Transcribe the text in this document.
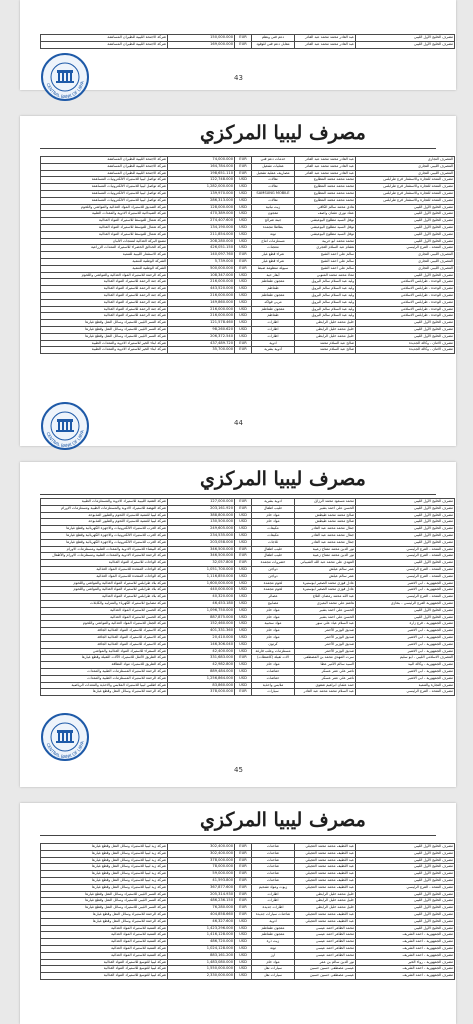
شركة الاجنحة الليبية للطيران المساهمة	150,000.000	EUR	دعم فني ونظم	عبد القادر محمد محمد عبد القادر	مصرف الخليج الأول الليبي
شركة الاجنحة الليبية للطيران المساهمة	169,000.000	EUR	مقابل دعم فني للوقود	عبد القادر محمد محمد عبد القادر	مصرف الخليج الأول الليبي
CENTRAL BANK OF LIBYA
43
مصرف ليبيا المركزي
شركة الاجنحة الليبية للطيران المساهمة	74,000.000	EUR	خدمات دعم فني	عبد القادر محمد محمد عبد القادر	المصرف التجاري
شركة الاجنحة الليبية للطيران المساهمة	164,784.000	EUR	عمليات تشغيل	عبد القادر محمد محمد عبد القادر	المصرف الليبي التجاري
شركة الاجنحة الليبية للطيران المساهمة	198,651.110	EUR	مصاريف عملية تشغيل	عبد القادر محمد محمد عبد القادر	المصرف الليبي التجاري
شركة تواصل ليبيا للاستيراد الالكترونيات المساهمة	122,748.000	USD	نقالات	محمد محمد محمد المطاوع	مصرف المتحد للتجارة والاستثمار فرع طرابلس
شركة تواصل ليبيا للاستيراد الالكترونيات المساهمة	1,282,000.000	USD	نقالات	محمد محمد محمد المطاوع	مصرف المتحد للتجارة والاستثمار فرع طرابلس
شركة تواصل ليبيا للاستيراد الالكترونيات المساهمة	139,970.000	USD	SAMSUNG MOBILE	محمد محمد محمد المطاوع	مصرف المتحد للتجارة والاستثمار فرع طرابلس
شركة تواصل ليبيا للاستيراد الالكترونيات المساهمة	286,313.000	USD	نقالات	محمد محمد محمد المطاوع	مصرف المتحد للتجارة والاستثمار فرع طرابلس
شركة الصديق للاستيراد المواد الغذائية والمواشي واللحوم	128,000.000	USD	زيت نباتية	هادي محمد سالم الكافي	مصرف الخليج الأول الليبي
شركة الصيدلانية للاستيراد الادوية والمعدات الطبية	470,389.000	USD	معجون	عماد نوري عثمان واصف	مصرف الخليج الأول الليبي
شركة شمال للتوسط للاستيراد المواد الغذائية	274,407.600	USD	جبنة شرائح	نوفل السيد مطلوع البوعيشي	مصرف الخليج الأول الليبي
شركة شمال للتوسط للاستيراد المواد الغذائية	134,190.000	USD	بطاطا مجمدة	نوفل السيد مطلوع البوعيشي	مصرف الخليج الأول الليبي
شركة شمال للتوسط للاستيراد المواد الغذائية	211,854.000	USD	تونة	نوفل السيد مطلوع البوعيشي	مصرف الخليج الأول الليبي
مصنع البركة الغذائية لمنتجات الالبان	208,280.000	USD	مستلزمات انتاج	محمد محمد ابو حريبة	مصرف الخليج الأول الليبي
شركة الخدائق الخضراء للاستيراد المعدات الزراعية	426,051.150	USD	معجنات	هشام عبد السلام العجري	مصرف المتحد - الفرع الرئيسي
شركة الاستثمار الليبية للتنمية	140,097.760	EUR	شراء قطع غيار	سالم علي احمد الشيخ	المصرف الليبي التجاري
الشركة الوطنية للتنمية	5,739.000	EUR	شراء قطع غيار	سالم علي احمد الشيخ	المصرف الليبي التجاري
الشركة الوطنية للتنمية	500,000.000	EUR	سيولة منظومة ضبط	سالم علي احمد الشيخ	المصرف الليبي التجاري
شركة الرحمة للاستيراد المواد الغذائية والمواشي واللحوم	108,347.000	USD	أبقار حية	معاذ محمد محمد المنوبي	مصرف الخليج الأول الليبي
شركة جنة الرحمة للاستيراد المواد الغذائية	216,000.000	USD	معجون طماطم	وليد عبد السلام سالم البروق	مصرف الوحدة - طرابلس الاسلامي
شركة جنة الرحمة للاستيراد المواد الغذائية	443,520.000	USD	طماطم	وليد عبد السلام سالم البروق	مصرف الوحدة - طرابلس الاسلامي
شركة جنة الرحمة للاستيراد المواد الغذائية	216,000.000	USD	معجون طماطم	وليد عبد السلام سالم البروق	مصرف الوحدة - طرابلس الاسلامي
شركة جنة الرحمة للاستيراد المواد الغذائية	149,860.000	USD	مربى فواكه	وليد عبد السلام سالم البروق	مصرف الوحدة - طرابلس الاسلامي
شركة جنة الرحمة للاستيراد المواد الغذائية	216,000.000	USD	معجون طماطم	وليد عبد السلام سالم البروق	مصرف الوحدة - طرابلس الاسلامي
شركة جنة الرحمة للاستيراد المواد الغذائية	216,000.000	USD	طماطم	وليد عبد السلام سالم البروق	مصرف الوحدة - طرابلس الاسلامي
شركة النسر الليبي للاستيراد وسائل النقل وقطع غيارها	121,578.460	USD	اطارات	خليل محمد خليل الرابطي	مصرف الخليج الأول الليبي
شركة النسر الليبي للاستيراد وسائل النقل وقطع غيارها	98,260.620	USD	اطارات	خليل محمد خليل الرابطي	مصرف الخليج الأول الليبي
شركة النسر الليبي للاستيراد وسائل النقل وقطع غيارها	206,372.540	USD	اطارات	خليل محمد خليل الرابطي	مصرف الخليج الأول الليبي
شركة ابناء الخير للاستيراد الادوية والمعدات الطبية	437,489.720	EUR	ادوية	صالح عبد السلام محمد	مصرف الامان - وكالة الجديدة
شركة ابناء الخير للاستيراد الادوية والمعدات الطبية	35,700.000	EUR	أدوية بشرية	صالح عبد السلام محمد	مصرف الامان - وكالة الجديدة
CENTRAL BANK OF LIBYA
44
مصرف ليبيا المركزي
شركة التقنية الليبية للاستيراد الادوية والمستلزمات الطبية	127,000.000	EUR	ادوية بشرية	محمد مسعود محمد الرزاق	مصرف الخليج الأول الليبي
شركة النهضة للاستيراد الادوية والمستلزمات الطبية ومستلزمات الاورام	203,161.920	EUR	حليب اطفال	الحسن علي احمد بشير	مصرف الخليج الأول الليبي
شركة ليبيا للتنمية للاستيراد اللحوم والطيور المذبوحة	388,800.000	USD	مواد خام	صالح محمد محمد طيطش	مصرف الخليج الأول الليبي
شركة ليبيا للتنمية للاستيراد اللحوم والطيور المذبوحة	130,500.000	USD	مواد خام	صالح محمد محمد طيطش	مصرف الخليج الأول الليبي
شركة الغرب للاستيراد الالكترونيات والاجهزة الكهربائية وقطع غيارها	249,605.000	USD	مكيفات	جمال محمد محمد عبد القادر	مصرف الخليج الأول الليبي
شركة الغرب للاستيراد الالكترونيات والاجهزة الكهربائية وقطع غيارها	234,535.000	USD	مكيفات	جمال محمد محمد عبد القادر	مصرف الخليج الأول الليبي
شركة الغرب للاستيراد الالكترونيات والاجهزة الكهربائية وقطع غيارها	203,058.000	USD	ثلاجات	جمال محمد محمد عبد القادر	مصرف الخليج الأول الليبي
شركة البيضاء للاستيراد الادوية والمعدات الطبية ومستلزمات الاورام	346,500.000	EUR	حليب اطفال	نور الدين محمد مفتاح زعبية	مصرف المتحد - الفرع الرئيسي
شركة الرحمة للاستيراد الادوية والمعدات الطبية ومستلزمات الاورام والأطفال	346,500.000	EUR	حليب اطفال	نور الدين محمد مفتاح زعبية	مصرف المتحد - الفرع الرئيسي
شركة الواحات للاستيراد المواد الغذائية	32,057.800	EUR	خضروات مجمدة	المهدي علي محمد عبد الله الشيباني	مصرف الخليج الأول الليبي
شركة الواحات المتحدة للاستيراد المواد الغذائية	1,051,700.000	USD	دواجن	عمر سالم عيلش	مصرف المتحد - الفرع الرئيسي
شركة الواحات المتحدة للاستيراد المواد الغذائية	1,116,850.000	USD	دواجن	عمر سالم عيلش	مصرف المتحد - الفرع الرئيسي
شركة بلاد طرابلس للاستيراد المواد الغذائية والمواشي واللحوم	1,600,000.000	USD	لحوم مجمدة	عادل فوزي محمد الصغير ابوستيرة	مصرف الجمهورية - ابي الاشير
شركة بلاد طرابلس للاستيراد المواد الغذائية والمواشي واللحوم	440,000.000	USD	لحوم مجمدة	عادل فوزي محمد الصغير ابوستيرة	مصرف الجمهورية - ابي الاشير
شركة بلاد طرابلس للاستيراد المواد الغذائية	40,320.000	USD	عصائر	عبد الله محمد رمضان التلاع	مصرف المتحد - الفرع الرئيسي
شركة مصابيح للاستيراد الكهرباء والمنزليه والكابلات	46,453.180	USD	مصابيح	هاشم علي محمد البعيزي	مصرف الجمهورية الفرع الرئيسي - بنغازي
شركة الحسن للاستيراد المواد الغذائية	1,096,750.000	USD	مواد خام	الحسن علي احمد بشير	مصرف الخليج الأول الليبي
شركة الحسن للاستيراد المواد الغذائية	887,875.000	USD	مواد خام	الحسن علي احمد بشير	مصرف الخليج الأول الليبي
شركة الجمل للاستيراد المواد الغذائية والمواشي واللحوم	152,460.000	USD	مواد سحبية	عبد السلام عياد علي سور	مصرف الجمهورية - فرع زارة
شركة الاستيراد للاستيراد المواد الغذائية الجافة	401,331.360	USD	مواد خام	صديق الوزير الأحمر	مصرف الجمهورية - ابي الاشير
شركة الاستيراد للاستيراد المواد الغذائية الجافة	20,410.000	USD	مواد خام	صديق الوزير الأحمر	مصرف الجمهورية - ابي الاشير
شركة الاستيراد للاستيراد المواد الغذائية الجافة	146,306.040	USD	كرتون	صديق الوزير الأحمر	مصرف الجمهورية - ابي الاشير
شركة السفراء للاستيراد المواد الغذائية والمواشي	42,400.000	USD	مستلزمات وعلب فارغة	صديق الوزير الأحمر	مصرف الجمهورية - ابي الاشير
شركة الطريق الأمثل للاستيراد الآلات الثقيلة وقطع غيارها	331,683.000	EUR	الات ثقيلة (كاشطات)	سرت المهدي محمد بن المصطفى	المصرف الاسلامي الليبي - ابو سليم
شركة الطريق للاستيراد مواد النظافة	42,982.800	USD	مواد خام	السيد سالم الأمير عطا	مصرف الجمهورية - وكالة البيد
شركة الرحمة للاستيراد المستلزمات الطبية والمعدات	889,484.000	USD	حفاضات	ناصر علي عمر عسكر	مصرف الجمهورية - ابي الاشير
شركة الرحمة للاستيراد المستلزمات الطبية والمعدات	1,256,864.000	USD	حفاضات	ناصر علي عمر عسكر	مصرف الجمهورية - ابي الاشير
شركة اطلس ليبيا للاستيراد الملابس والاحذية والمعدات الرياضية	83,860.000	USD	ملابس واحذية	حمد عثمان ابراهيم شقوي	مصرف التجارة والتنمية
شركة الرحمة للاستيراد وسائل النقل وقطع غيارها	378,000.000	EUR	سيارات	عبد السلام محمد محمد عبد القادر	مصرف المتحد - الفرع الرئيسي
CENTRAL BANK OF LIBYA
45
مصرف ليبيا المركزي
شركة زيد ليبيا للاستيراد وسائل النقل وقطع غيارها	302,400.000	EUR	شاحنات	عبد اللطيف محمد محمد العجيلي	مصرف الخليج الأول الليبي
شركة زيد ليبيا للاستيراد وسائل النقل وقطع غيارها	302,400.000	EUR	شاحنات	عبد اللطيف محمد محمد العجيلي	مصرف الخليج الأول الليبي
شركة زيد ليبيا للاستيراد وسائل النقل وقطع غيارها	378,000.000	EUR	شاحنات	عبد اللطيف محمد محمد العجيلي	مصرف الخليج الأول الليبي
شركة زيد ليبيا للاستيراد وسائل النقل وقطع غيارها	78,000.000	EUR	شاحنات	عبد اللطيف محمد محمد العجيلي	مصرف الخليج الأول الليبي
شركة زيد ليبيا للاستيراد وسائل النقل وقطع غيارها	59,000.000	EUR	شاحنات	عبد اللطيف محمد محمد العجيلي	مصرف الخليج الأول الليبي
شركة زيد ليبيا للاستيراد وسائل النقل وقطع غيارها	41,593.800	EUR	شاحنات	عبد اللطيف محمد محمد العجيلي	مصرف الخليج الأول الليبي
شركة زيد ليبيا للاستيراد وسائل النقل وقطع غيارها	367,877.600	EUR	زيوت ومواد تشحيم	عبد اللطيف محمد محمد العجيلي	مصرف المتحد - الفرع الرئيسي
شركة النسر الليبي للاستيراد وسائل النقل وقطع غيارها	205,314.930	EUR	اطارات	خليل محمد خليل الرابطي	مصرف الخليج الأول الليبي
شركة النسر الليبي للاستيراد وسائل النقل وقطع غيارها	486,236.150	EUR	اطارات	خليل محمد خليل الرابطي	مصرف الخليج الأول الليبي
شركة النسر الليبي للاستيراد وسائل النقل وقطع غيارها	76,280.000	EUR	اطارات جديدة	خليل محمد خليل الرابطي	مصرف الخليج الأول الليبي
شركة الرحمة للاستيراد وسائل النقل وقطع غيارها	404,858.660	EUR	شاحنات سيارات جديدة	عبد اللطيف محمد محمد العجيلي	مصرف الخليج الأول الليبي
شركة الرحمة للاستيراد وسائل النقل وقطع غيارها	46,327.600	USD	ادوية	عبد اللطيف محمد محمد العجيلي	مصرف الخليج الأول الليبي
شركة التنمية للاستيراد المواد الغذائية	1,423,296.000	USD	معجون طماطم	محمد الطاهر احمد عيسى	مصرف الخليج الأول الليبي
شركة التنمية للاستيراد المواد الغذائية	1,416,128.000	USD	معجون طماطم	محمد الطاهر احمد عيسى	مصرف الجمهورية - احمد الشريف
شركة التنمية للاستيراد المواد الغذائية	486,720.000	USD	زيت ذرة	محمد الطاهر احمد عيسى	مصرف الجمهورية - احمد الشريف
شركة التنمية للاستيراد المواد الغذائية	1,024,128.000	USD	تونة	محمد الطاهر احمد عيسى	مصرف الجمهورية - احمد الشريف
شركة التنمية للاستيراد المواد الغذائية	883,161.200	USD	ارز	محمد الطاهر احمد عيسى	مصرف الجمهورية - احمد الشريف
شركة ليبيا للتوسع للاستيراد المواد الغذائية	1,483,080.000	USD	مواد خام	نور الدين سالم بن عمر	مصرف الجمهورية - رواء الخير
شركة ليبيا للتوسع للاستيراد المواد الغذائية	1,550,000.000	USD	سيارات نقل	عيسى مصطفى حسين حسين	مصرف الجمهورية - احمد الشريف
شركة ليبيا للتوسع للاستيراد المواد الغذائية	2,330,000.000	USD	سيارات نقل	عيسى مصطفى حسين حسين	مصرف الجمهورية - احمد الشريف
